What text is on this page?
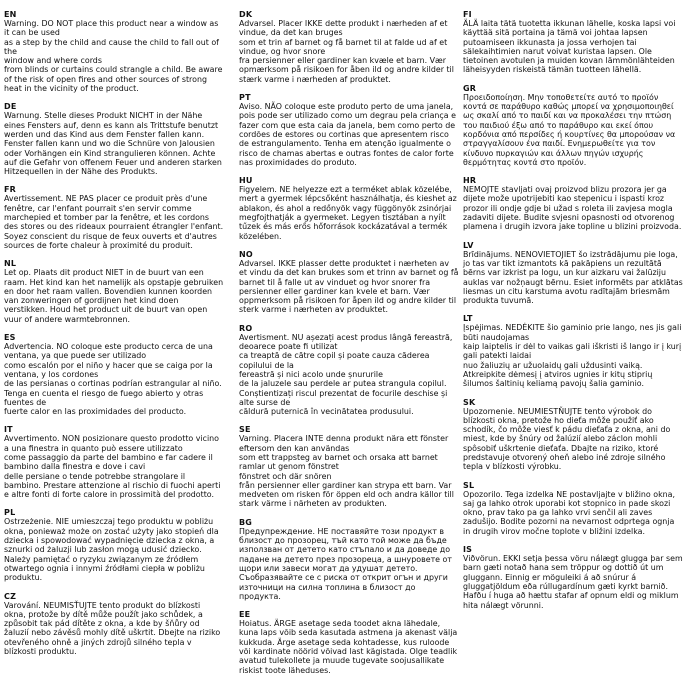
EN

Warning. DO NOT place this product near a window as it can be used
as a step by the child and cause the child to fall out of the
window and where cords
from blinds or curtains could strangle a child. Be aware of the risk of open fires and other sources of strong heat in the vicinity of the product.

DE

Warnung. Stelle dieses Produkt NICHT in der Nähe eines Fensters auf, denn es kann als Trittstufe benutzt werden und das Kind aus dem Fenster fallen kann. Fenster fallen kann und wo die Schnüre von Jalousien oder Vorhängen ein Kind strangulieren können. Achte auf die Gefahr von offenem Feuer und anderen starken Hitzequellen in der Nähe des Produkts.

FR

Avertissement. NE PAS placer ce produit près d'une fenêtre, car l'enfant pourrait s'en servir comme marchepied et tomber par la fenêtre, et les cordons des stores ou des rideaux pourraient étrangler l'enfant. Soyez conscient du risque de feux ouverts et d'autres sources de forte chaleur à proximité du produit.

NL

Let op. Plaats dit product NIET in de buurt van een raam. Het kind kan het namelijk als opstapje gebruiken en door het raam vallen. Bovendien kunnen koorden van zonweringen of gordijnen het kind doen verstikken. Houd het product uit de buurt van open vuur of andere warmtebronnen.

ES

Advertencia. NO coloque este producto cerca de una ventana, ya que puede ser utilizado
como escalón por el niño y hacer que se caiga por la ventana, y los cordones
de las persianas o cortinas podrían estrangular al niño. Tenga en cuenta el riesgo de fuego abierto y otras fuentes de
fuerte calor en las proximidades del producto.

IT

Avvertimento. NON posizionare questo prodotto vicino a una finestra in quanto può essere utilizzato
come passaggio da parte del bambino e far cadere il bambino dalla finestra e dove i cavi
delle persiane o tende potrebbe strangolare il bambino. Prestare attenzione al rischio di fuochi aperti e altre fonti di forte calore in prossimità del prodotto.

PL

Ostrzeżenie. NIE umieszczaj tego produktu w pobliżu okna, ponieważ może on zostać użyty jako stopień dla dziecka i spowodować wypadnięcie dziecka z okna, a sznurki od żaluzji lub zasłon mogą udusić dziecko. Należy pamiętać o ryzyku związanym ze źródłem otwartego ognia i innymi źródłami ciepła w pobliżu produktu.

CZ

Varování. NEUMISŤUJTE tento produkt do blízkosti okna, protože by dítě může použít jako schůdek, a způsobit tak pád dítěte z okna, a kde by šňůry od žaluzií nebo závěsů mohly dítě uškrtit. Dbejte na riziko otevřeného ohně a jiných zdrojů silného tepla v blízkosti produktu.

DK

Advarsel. Placer IKKE dette produkt i nærheden af et vindue, da det kan bruges
som et trin af barnet og få barnet til at falde ud af et vindue, og hvor snore
fra persienner eller gardiner kan kvæle et barn. Vær opmærksom på risikoen for åben ild og andre kilder til stærk varme i nærheden af produktet.

PT

Aviso. NÃO coloque este produto perto de uma janela, pois pode ser utilizado como um degrau pela criança e fazer com que esta caia da janela, bem como perto de cordões de estores ou cortinas que apresentem risco de estrangulamento. Tenha em atenção igualmente o risco de chamas abertas e outras fontes de calor forte nas proximidades do produto.

HU

Figyelem. NE helyezze ezt a terméket ablak közelébe, mert a gyermek lépcsőként használhatja, és kieshet az ablakon, és ahol a redőnyök vagy függönyök zsinórjai megfojthatják a gyermeket. Legyen tisztában a nyílt tűzek és más erős hőforrások kockázatával a termék közelében.

NO

Advarsel. IKKE plasser dette produktet i nærheten av et vindu da det kan brukes som et trinn av barnet og få barnet til å falle ut av vinduet og hvor snorer fra persienner eller gardiner kan kvele et barn. Vær oppmerksom på risikoen for åpen ild og andre kilder til sterk varme i nærheten av produktet.

RO

Avertisment. NU așezați acest produs lângă fereastră, deoarece poate fi utilizat
ca treaptă de către copil și poate cauza căderea copilului de la
fereastră și nici acolo unde șnururile
de la jaluzele sau perdele ar putea strangula copilul. Conștientizați riscul prezentat de focurile deschise și alte surse de
căldură puternică în vecinătatea produsului.

SE

Varning. Placera INTE denna produkt nära ett fönster eftersom den kan användas
som ett trappsteg av barnet och orsaka att barnet ramlar ut genom fönstret
fönstret och där snören
från persienner eller gardiner kan strypa ett barn. Var medveten om risken för öppen eld och andra källor till stark värme i närheten av produkten.

BG

Предупреждение. НЕ поставяйте този продукт в близост до прозорец, тъй като той може да бъде използван от детето като стъпало и да доведе до падане на детето през прозореца, а шнуровете от щори или завеси могат да удушат детето. Съобразявайте се с риска от открит огън и други източници на силна топлина в близост до продукта.

EE

Hoiatus. ÄRGE asetage seda toodet akna lähedale, kuna laps võib seda kasutada astmena ja akenast välja kukkuda. Ärge asetage seda kohtadesse, kus ruloode või kardinate nöörid võivad last kägistada. Olge teadlik avatud tulekollete ja muude tugevate soojusallikate riskist toote läheduses.

FI

ÄLÄ laita tätä tuotetta ikkunan lähelle, koska lapsi voi käyttää sitä portaina ja tämä voi johtaa lapsen putoamiseen ikkunasta ja jossa verhojen tai sälekaihtimien narut voivat kuristaa lapsen. Ole tietoinen avotulen ja muiden kovan lämmönlähteiden läheisyyden riskeistä tämän tuotteen lähellä.

GR

Προειδοποίηση. Μην τοποθετείτε αυτό το προϊόν κοντά σε παράθυρο καθώς μπορεί να χρησιμοποιηθεί ως σκαλί από το παιδί και να προκαλέσει την πτώση του παιδιού έξω από το παράθυρο και εκεί όπου κορδόνια από περσίδες ή κουρτίνες θα μπορούσαν να στραγγαλίσουν ένα παιδί. Ενημερωθείτε για τον κίνδυνο πυρκαγιών και άλλων πηγών ισχυρής θερμότητας κοντά στο προϊόν.

HR

NEMOJTE stavljati ovaj proizvod blizu prozora jer ga dijete može upotrijebiti kao stepenicu i ispasti kroz prozor ili ondje gdje bi užad s roleta ili zavjesa mogla zadaviti dijete. Budite svjesni opasnosti od otvorenog plamena i drugih izvora jake topline u blizini proizvoda.

LV

Brīdinājums. NENOVIETOJIET šo izstrādājumu pie loga, jo tas var tikt izmantots kā pakāpiens un rezultātā bērns var izkrist pa logu, un kur aizkaru vai žalūziju auklas var nožņaugt bērnu. Esiet informēts par atklātas liesmas un citu karstuma avotu radītajām briesmām produkta tuvumā.

LT

Įspėjimas. NEDĖKITE šio gaminio prie lango, nes jis gali būti naudojamas
kaip laiptelis ir dėl to vaikas gali iškristi iš lango ir į kurį gali patekti laidai
nuo žaliuzių ar užuolaidų gali uždusinti vaiką. Atkreipkite dėmesį į atviros ugnies ir kitų stiprių šilumos šaltinių keliamą pavojų šalia gaminio.

SK

Upozornenie. NEUMIESTŇUJTE tento výrobok do blízkosti okna, pretože ho dieťa môže použiť ako schodík, čo môže viesť k pádu dieťaťa z okna, ani do miest, kde by šnúry od žalúzií alebo záclon mohli spôsobiť uškrtenie dieťaťa. Dbajte na riziko, ktoré predstavuje otvorený oheň alebo iné zdroje silného tepla v blízkosti výrobku.

SL

Opozorilo. Tega izdelka NE postavljajte v bližino okna, saj ga lahko otrok uporabi kot stopnico in pade skozi okno, prav tako pa ga lahko vrvi senčil ali zaves zadušijo. Bodite pozorni na nevarnost odprtega ognja in drugih virov močne toplote v bližini izdelka.

IS

Viðvörun. EKKI setja þessa vöru nálægt glugga þar sem barn gæti notað hana sem tröppur og dottið út um gluggann. Einnig er möguleiki á að snúrur á gluggatjöldum eða rúllugardínum gæti kyrkt barnið. Hafðu í huga að hættu stafar af opnum eldi og miklum hita nálægt vörunni.
